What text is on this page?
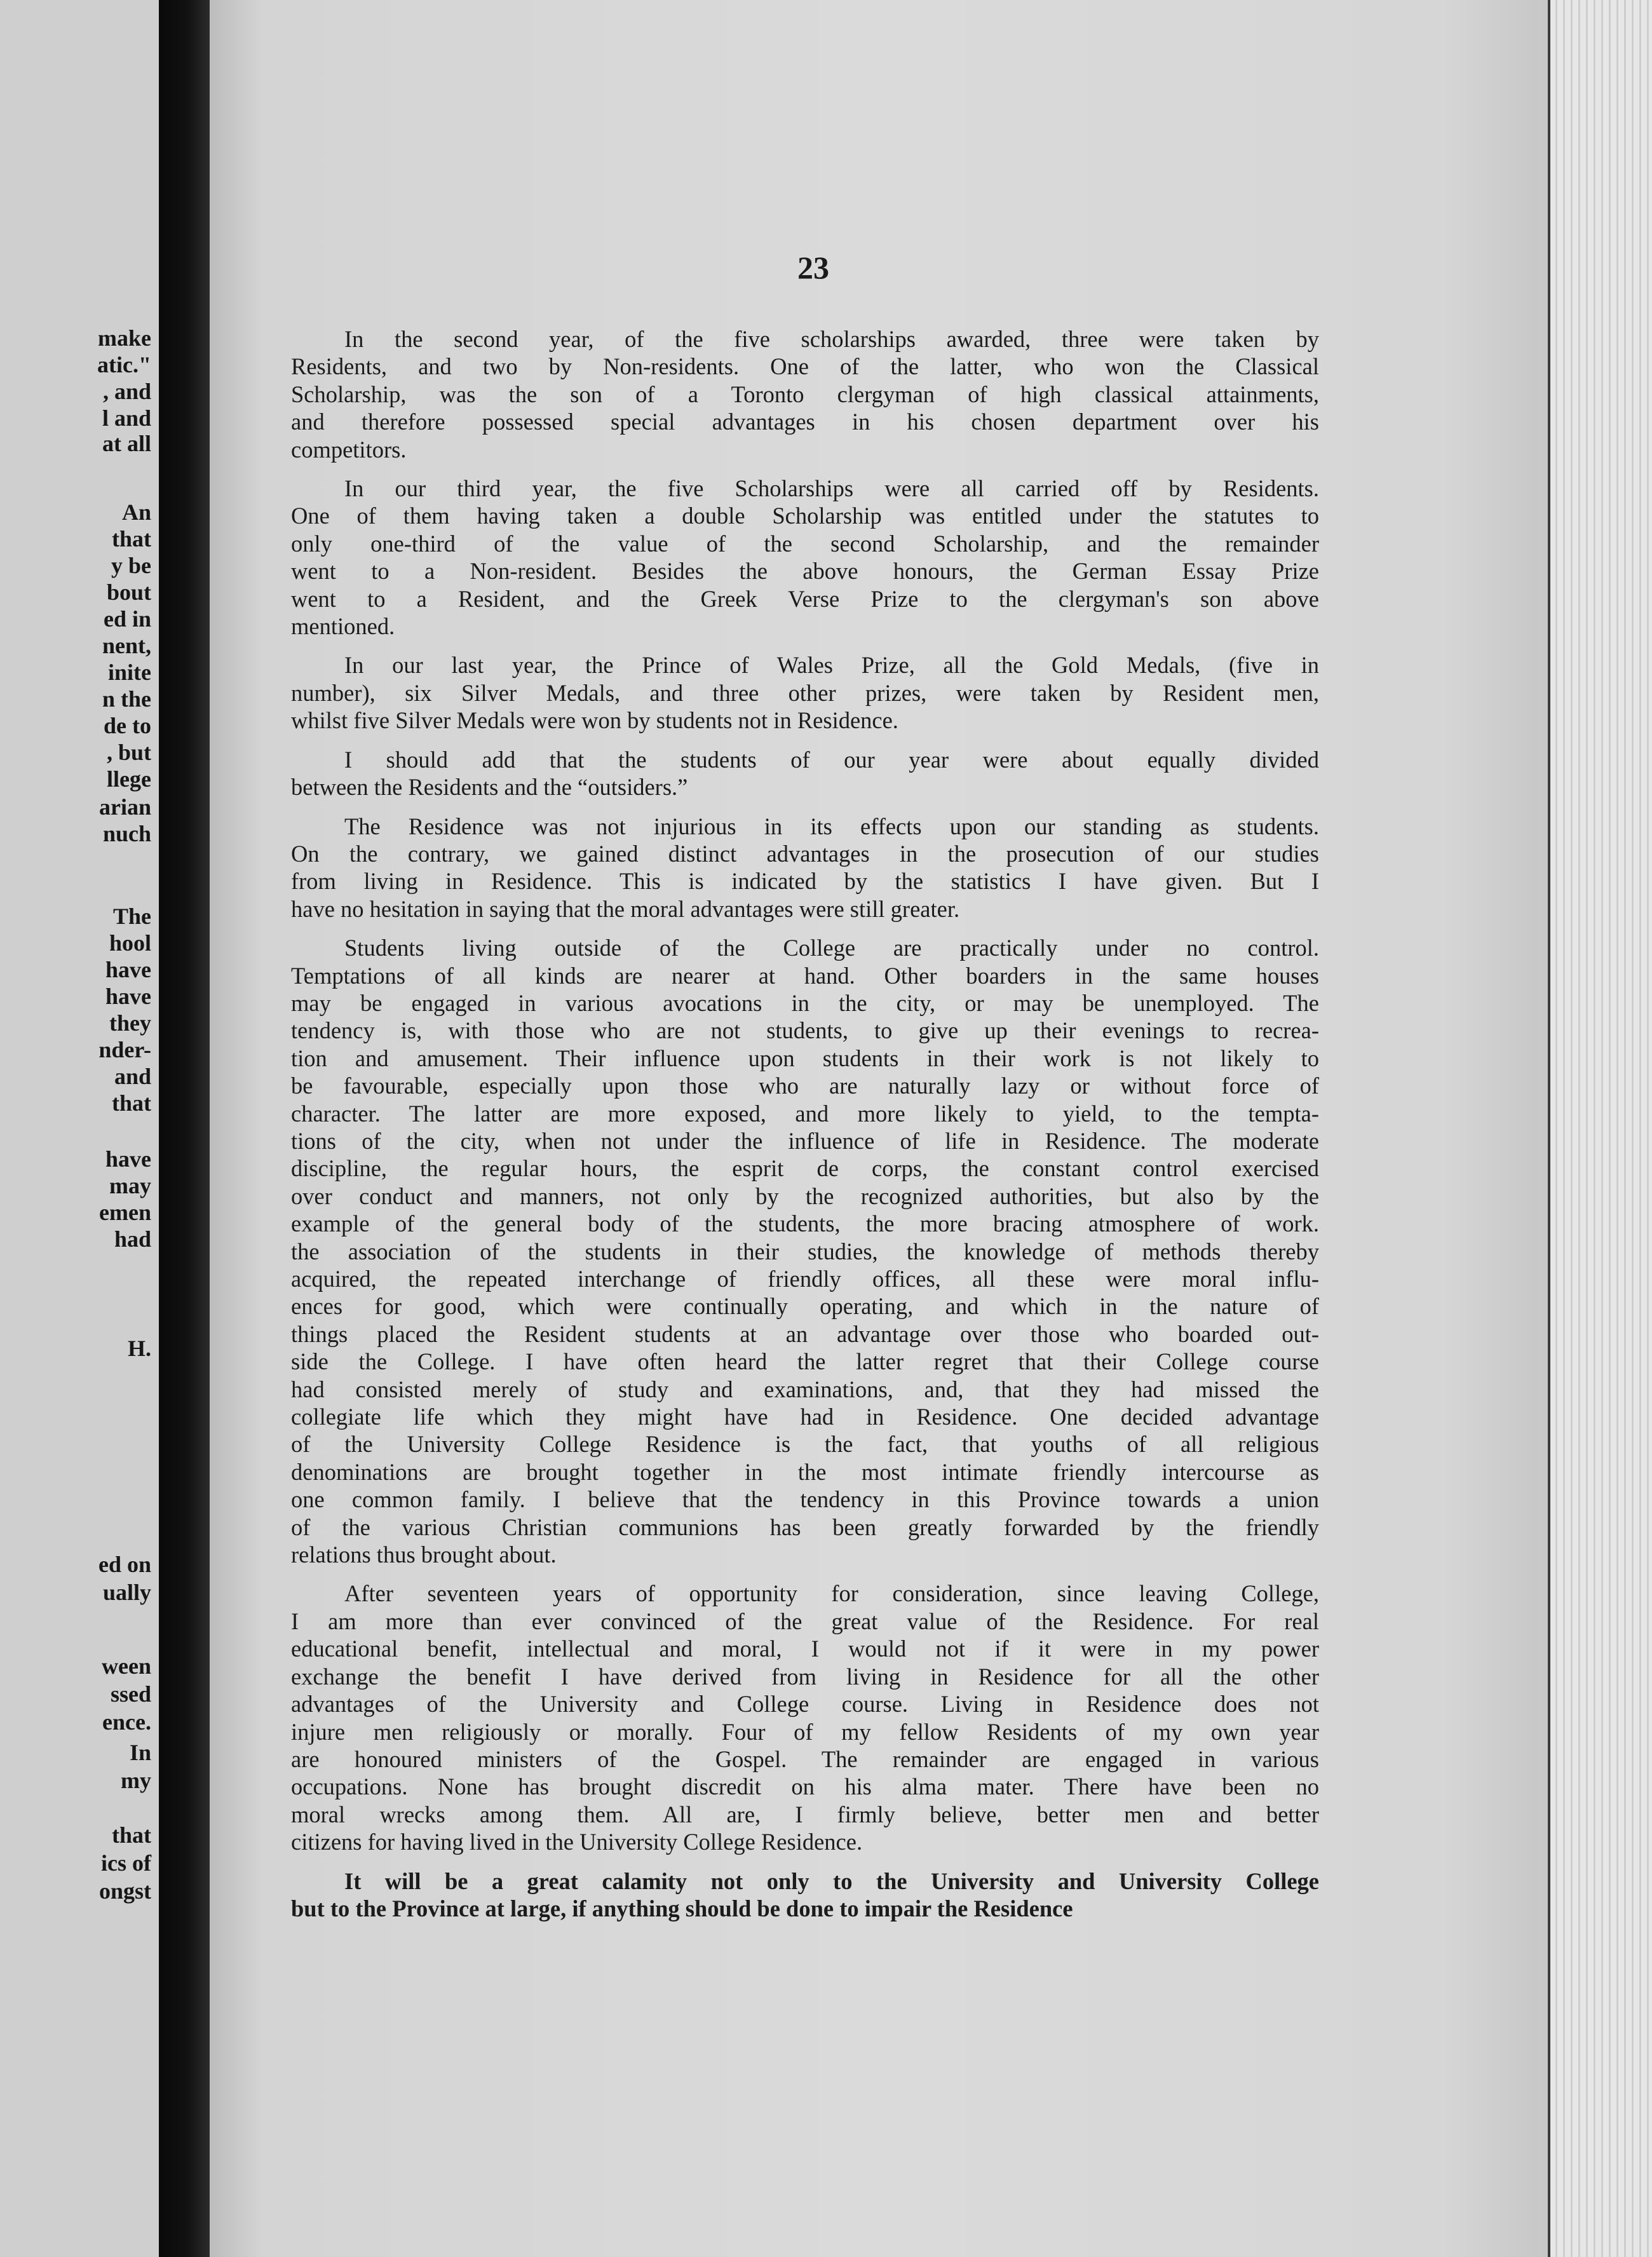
make

atic."

, and

l and

at all

An

that

y be

bout

ed in

nent,

inite

n the

de to

, but

llege

arian

nuch

The

hool

have

have

they

nder-

and

that

have

may

emen

had

H.

ed on

ually

ween

ssed

ence.

In

my

that

ics of

ongst

23

In the second year, of the five scholarships awarded, three were taken by
Residents, and two by Non-residents. One of the latter, who won the Classical
Scholarship, was the son of a Toronto clergyman of high classical attainments,
and therefore possessed special advantages in his chosen department over his
competitors.
In our third year, the five Scholarships were all carried off by Residents.
One of them having taken a double Scholarship was entitled under the statutes to
only one-third of the value of the second Scholarship, and the remainder
went to a Non-resident. Besides the above honours, the German Essay Prize
went to a Resident, and the Greek Verse Prize to the clergyman's son above
mentioned.
In our last year, the Prince of Wales Prize, all the Gold Medals, (five in
number), six Silver Medals, and three other prizes, were taken by Resident men,
whilst five Silver Medals were won by students not in Residence.
I should add that the students of our year were about equally divided
between the Residents and the “outsiders.”
The Residence was not injurious in its effects upon our standing as students.
On the contrary, we gained distinct advantages in the prosecution of our studies
from living in Residence. This is indicated by the statistics I have given. But I
have no hesitation in saying that the moral advantages were still greater.
Students living outside of the College are practically under no control.
Temptations of all kinds are nearer at hand. Other boarders in the same houses
may be engaged in various avocations in the city, or may be unemployed. The
tendency is, with those who are not students, to give up their evenings to recrea-
tion and amusement. Their influence upon students in their work is not likely to
be favourable, especially upon those who are naturally lazy or without force of
character. The latter are more exposed, and more likely to yield, to the tempta-
tions of the city, when not under the influence of life in Residence. The moderate
discipline, the regular hours, the esprit de corps, the constant control exercised
over conduct and manners, not only by the recognized authorities, but also by the
example of the general body of the students, the more bracing atmosphere of work.
the association of the students in their studies, the knowledge of methods thereby
acquired, the repeated interchange of friendly offices, all these were moral influ-
ences for good, which were continually operating, and which in the nature of
things placed the Resident students at an advantage over those who boarded out-
side the College. I have often heard the latter regret that their College course
had consisted merely of study and examinations, and, that they had missed the
collegiate life which they might have had in Residence. One decided advantage
of the University College Residence is the fact, that youths of all religious
denominations are brought together in the most intimate friendly intercourse as
one common family. I believe that the tendency in this Province towards a union
of the various Christian communions has been greatly forwarded by the friendly
relations thus brought about.
After seventeen years of opportunity for consideration, since leaving College,
I am more than ever convinced of the great value of the Residence. For real
educational benefit, intellectual and moral, I would not if it were in my power
exchange the benefit I have derived from living in Residence for all the other
advantages of the University and College course. Living in Residence does not
injure men religiously or morally. Four of my fellow Residents of my own year
are honoured ministers of the Gospel. The remainder are engaged in various
occupations. None has brought discredit on his alma mater. There have been no
moral wrecks among them. All are, I firmly believe, better men and better
citizens for having lived in the University College Residence.
It will be a great calamity not only to the University and University College
but to the Province at large, if anything should be done to impair the Residence
